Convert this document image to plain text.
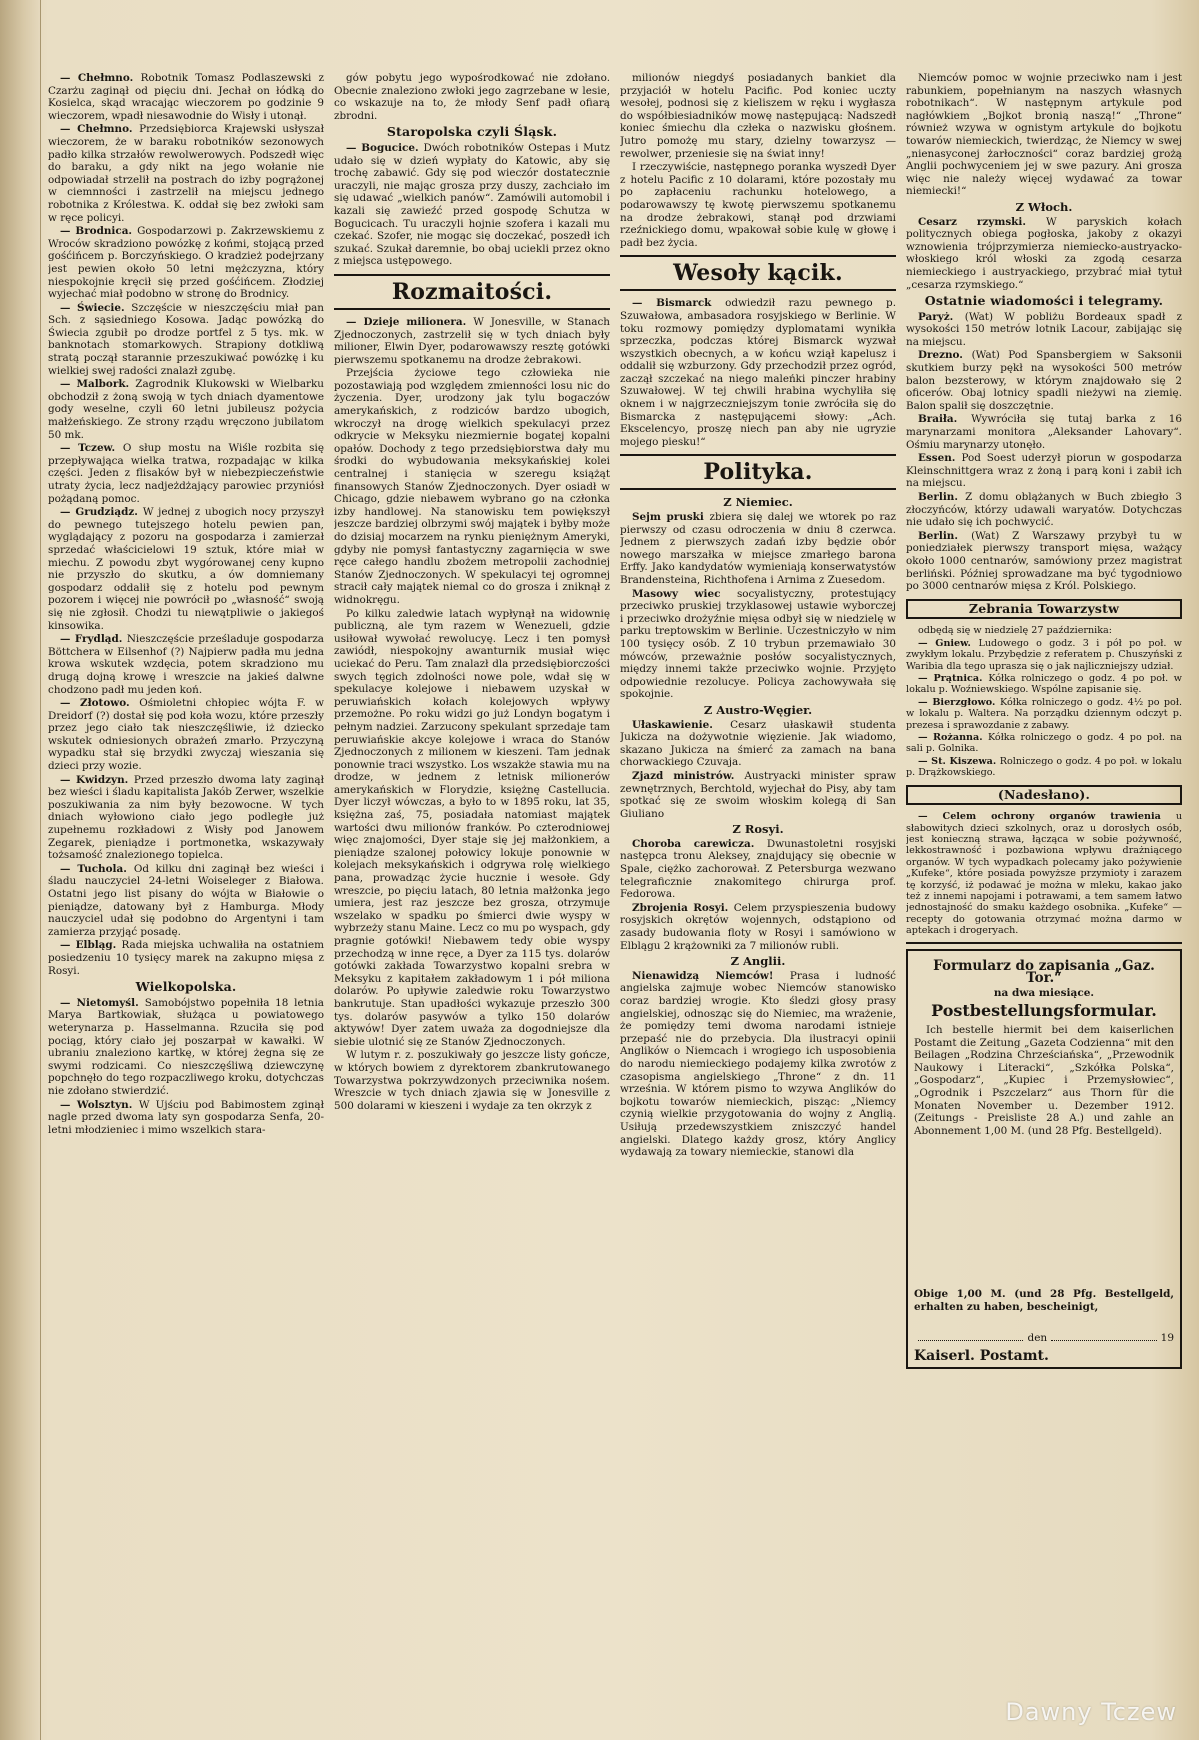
— Chełmno. Robotnik Tomasz Podlaszewski z Czarżu zaginął od pięciu dni. Jechał on łódką do Kosielca, skąd wracając wieczorem po godzinie 9 wieczorem, wpadł niesawodnie do Wisły i utonął.

— Chełmno. Przedsiębiorca Krajewski usłyszał wieczorem, że w baraku robotników sezonowych padło kilka strzałów rewolwerowych. Podszedł więc do baraku, a gdy nikt na jego wołanie nie odpowiadał strzelił na postrach do izby pogrążonej w ciemnności i zastrzelił na miejscu jednego robotnika z Królestwa. K. oddał się bez zwłoki sam w ręce policyi.

— Brodnica. Gospodarzowi p. Zakrzewskiemu z Wroców skradziono powózkę z końmi, stojącą przed gośćińcem p. Borczyńskiego. O kradzież podejrzany jest pewien około 50 letni mężczyzna, który niespokojnie kręcił się przed gośćińcem. Złodziej wyjechać miał podobno w stronę do Brodnicy.

— Świecie. Szczęście w nieszczęściu miał pan Sch. z sąsiedniego Kosowa. Jadąc powózką do Świecia zgubił po drodze portfel z 5 tys. mk. w banknotach stomarkowych. Strapiony dotkliwą stratą począł starannie przeszukiwać powózkę i ku wielkiej swej radości znalazł zgubę.

— Malbork. Zagrodnik Klukowski w Wielbarku obchodził z żoną swoją w tych dniach dyamentowe gody weselne, czyli 60 letni jubileusz pożycia małżeńskiego. Ze strony rządu wręczono jubilatom 50 mk.

— Tczew. O słup mostu na Wiśle rozbita się przepływająca wielka tratwa, rozpadając w kilka części. Jeden z flisaków był w niebezpieczeństwie utraty życia, lecz nadjeżdżający parowiec przyniósł pożądaną pomoc.

— Grudziądz. W jednej z ubogich nocy przyszył do pewnego tutejszego hotelu pewien pan, wyglądający z pozoru na gospodarza i zamierzał sprzedać właścicielowi 19 sztuk, które miał w miechu. Z powodu zbyt wygórowanej ceny kupno nie przyszło do skutku, a ów domniemany gospodarz oddalił się z hotelu pod pewnym pozorem i więcej nie powrócił po „własność“ swoją się nie zgłosił. Chodzi tu niewątpliwie o jakiegoś kinsowika.

— Frydląd. Nieszczęście prześladuje gospodarza Böttchera w Eilsenhof (?) Najpierw padła mu jedna krowa wskutek wzdęcia, potem skradziono mu drugą dojną krowę i wreszcie na jakieś dalwne chodzono padł mu jeden koń.

— Złotowo. Ośmioletni chłopiec wójta F. w Dreidorf (?) dostał się pod koła wozu, które przeszły przez jego ciało tak nieszczęśliwie, iż dziecko wskutek odniesionych obrażeń zmarło. Przyczyną wypadku stał się brzydki zwyczaj wieszania się dzieci przy wozie.

— Kwidzyn. Przed przeszło dwoma laty zaginął bez wieści i śladu kapitalista Jakób Zerwer, wszelkie poszukiwania za nim były bezowocne. W tych dniach wyłowiono ciało jego podległe już zupełnemu rozkładowi z Wisły pod Janowem Zegarek, pieniądze i portmonetka, wskazywały tożsamość znalezionego topielca.

— Tuchola. Od kilku dni zaginął bez wieści i śladu nauczyciel 24-letni Woiseleger z Białowa. Ostatni jego list pisany do wójta w Białowie o pieniądze, datowany był z Hamburga. Młody nauczyciel udał się podobno do Argentyni i tam zamierza przyjąć posadę.

— Elbląg. Rada miejska uchwaliła na ostatniem posiedzeniu 10 tysięcy marek na zakupno mięsa z Rosyi.

Wielkopolska.

— Nietomyśl. Samobójstwo popełniła 18 letnia Marya Bartkowiak, służąca u powiatowego weterynarza p. Hasselmanna. Rzuciła się pod pociąg, który ciało jej poszarpał w kawałki. W ubraniu znaleziono kartkę, w której żegna się ze swymi rodzicami. Co nieszczęśliwą dziewczynę popchnęło do tego rozpaczliwego kroku, dotychczas nie zdołano stwierdzić.

— Wolsztyn. W Ujściu pod Babimostem zginął nagle przed dwoma laty syn gospodarza Senfa, 20-letni młodzieniec i mimo wszelkich stara-

gów pobytu jego wypośrodkować nie zdołano. Obecnie znaleziono zwłoki jego zagrzebane w lesie, co wskazuje na to, że młody Senf padł ofiarą zbrodni.

Staropolska czyli Śląsk.

— Bogucice. Dwóch robotników Ostepas i Mutz udało się w dzień wypłaty do Katowic, aby się trochę zabawić. Gdy się pod wieczór dostatecznie uraczyli, nie mając grosza przy duszy, zachciało im się udawać „wielkich panów“. Zamówili automobil i kazali się zawieźć przed gospodę Schutza w Bogucicach. Tu uraczyli hojnie szofera i kazali mu czekać. Szofer, nie mogąc się doczekać, poszedł ich szukać. Szukał daremnie, bo obaj uciekli przez okno z miejsca ustępowego.

Rozmaitości.

— Dzieje milionera. W Jonesville, w Stanach Zjednoczonych, zastrzelił się w tych dniach były milioner, Elwin Dyer, podarowawszy resztę gotówki pierwszemu spotkanemu na drodze żebrakowi.

Przejścia życiowe tego człowieka nie pozostawiają pod względem zmienności losu nic do życzenia. Dyer, urodzony jak tylu bogaczów amerykańskich, z rodziców bardzo ubogich, wkroczył na drogę wielkich spekulacyi przez odkrycie w Meksyku niezmiernie bogatej kopalni opałów. Dochody z tego przedsiębiorstwa dały mu środki do wybudowania meksykańskiej kolei centralnej i stanięcia w szeregu książąt finansowych Stanów Zjednoczonych. Dyer osiadł w Chicago, gdzie niebawem wybrano go na członka izby handlowej. Na stanowisku tem powiększył jeszcze bardziej olbrzymi swój majątek i byłby może do dzisiaj mocarzem na rynku pieniężnym Ameryki, gdyby nie pomysł fantastyczny zagarnięcia w swe ręce całego handlu zbożem metropolii zachodniej Stanów Zjednoczonych. W spekulacyi tej ogromnej stracił cały majątek niemal co do grosza i zniknął z widnokręgu.

Po kilku zaledwie latach wypłynął na widownię publiczną, ale tym razem w Wenezueli, gdzie usiłował wywołać rewolucyę. Lecz i ten pomysł zawiódł, niespokojny awanturnik musiał więc uciekać do Peru. Tam znalazł dla przedsiębiorczości swych tęgich zdolności nowe pole, wdał się w spekulacye kolejowe i niebawem uzyskał w peruwiańskich kołach kolejowych wpływy przemożne. Po roku widzi go już Londyn bogatym i pełnym nadziei. Zarzucony spekulant sprzedaje tam peruwiańskie akcye kolejowe i wraca do Stanów Zjednoczonych z milionem w kieszeni. Tam jednak ponownie traci wszystko. Los wszakże stawia mu na drodze, w jednem z letnisk milionerów amerykańskich w Florydzie, księżnę Castellucia. Dyer liczył wówczas, a było to w 1895 roku, lat 35, księżna zaś, 75, posiadała natomiast majątek wartości dwu milionów franków. Po czterodniowej więc znajomości, Dyer staje się jej małżonkiem, a pieniądze szalonej połowicy lokuje ponownie w kolejach meksykańskich i odgrywa rolę wielkiego pana, prowadząc życie hucznie i wesołe. Gdy wreszcie, po pięciu latach, 80 letnia małżonka jego umiera, jest raz jeszcze bez grosza, otrzymuje wszelako w spadku po śmierci dwie wyspy w wybrzeży stanu Maine. Lecz co mu po wyspach, gdy pragnie gotówki! Niebawem tedy obie wyspy przechodzą w inne ręce, a Dyer za 115 tys. dolarów gotówki zakłada Towarzystwo kopalni srebra w Meksyku z kapitałem zakładowym 1 i pół miliona dolarów. Po upływie zaledwie roku Towarzystwo bankrutuje. Stan upadłości wykazuje przeszło 300 tys. dolarów pasywów a tylko 150 dolarów aktywów! Dyer zatem uważa za dogodniejsze dla siebie ulotnić się ze Stanów Zjednoczonych.

W lutym r. z. poszukiwały go jeszcze listy gończe, w których bowiem z dyrektorem zbankrutowanego Towarzystwa pokrzywdzonych przeciwnika nośem. Wreszcie w tych dniach zjawia się w Jonesville z 500 dolarami w kieszeni i wydaje za ten okrzyk z

milionów niegdyś posiadanych bankiet dla przyjaciół w hotelu Pacific. Pod koniec uczty wesołej, podnosi się z kieliszem w ręku i wygłasza do współbiesiadników mowę następującą: Nadszedł koniec śmiechu dla człeka o nazwisku głośnem. Jutro pomożę mu stary, dzielny towarzysz — rewolwer, przeniesie się na świat inny!

I rzeczywiście, następnego poranka wyszedł Dyer z hotelu Pacific z 10 dolarami, które pozostały mu po zapłaceniu rachunku hotelowego, a podarowawszy tę kwotę pierwszemu spotkanemu na drodze żebrakowi, stanął pod drzwiami rzeźnickiego domu, wpakował sobie kulę w głowę i padł bez życia.

Wesoły kącik.

— Bismarck odwiedził razu pewnego p. Szuwałowa, ambasadora rosyjskiego w Berlinie. W toku rozmowy pomiędzy dyplomatami wynikła sprzeczka, podczas której Bismarck wyzwał wszystkich obecnych, a w końcu wziął kapelusz i oddalił się wzburzony. Gdy przechodził przez ogród, zaczął szczekać na niego maleńki pinczer hrabiny Szuwałowej. W tej chwili hrabina wychyliła się oknem i w najgrzeczniejszym tonie zwróciła się do Bismarcka z następującemi słowy: „Ach. Ekscelencyo, proszę niech pan aby nie ugryzie mojego piesku!“

Polityka.
Z Niemiec.

Sejm pruski zbiera się dalej we wtorek po raz pierwszy od czasu odroczenia w dniu 8 czerwca. Jednem z pierwszych zadań izby będzie obór nowego marszałka w miejsce zmarłego barona Erffy. Jako kandydatów wymieniają konserwatystów Brandensteina, Richthofena i Arnima z Zuesedom.

Masowy wiec socyalistyczny, protestujący przeciwko pruskiej trzyklasowej ustawie wyborczej i przeciwko drożyźnie mięsa odbył się w niedzielę w parku treptowskim w Berlinie. Uczestniczyło w nim 100 tysięcy osób. Z 10 trybun przemawiało 30 mówców, przeważnie posłów socyalistycznych, między innemi także przeciwko wojnie. Przyjęto odpowiednie rezolucye. Policya zachowywała się spokojnie.

Z Austro-Węgier.

Ułaskawienie. Cesarz ułaskawił studenta Jukicza na dożywotnie więzienie. Jak wiadomo, skazano Jukicza na śmierć za zamach na bana chorwackiego Czuvaja.

Zjazd ministrów. Austryacki minister spraw zewnętrznych, Berchtold, wyjechał do Pisy, aby tam spotkać się ze swoim włoskim kolegą di San Giuliano

Z Rosyi.

Choroba carewicza. Dwunastoletni rosyjski następca tronu Aleksey, znajdujący się obecnie w Spale, ciężko zachorował. Z Petersburga wezwano telegraficznie znakomitego chirurga prof. Fedorowa.

Zbrojenia Rosyi. Celem przyspieszenia budowy rosyjskich okrętów wojennych, odstąpiono od zasady budowania floty w Rosyi i samówiono w Elblągu 2 krążowniki za 7 milionów rubli.

Z Anglii.

Nienawidzą Niemców! Prasa i ludność angielska zajmuje wobec Niemców stanowisko coraz bardziej wrogie. Kto śledzi głosy prasy angielskiej, odnosząc się do Niemiec, ma wrażenie, że pomiędzy temi dwoma narodami istnieje przepaść nie do przebycia. Dla ilustracyi opinii Anglików o Niemcach i wrogiego ich usposobienia do narodu niemieckiego podajemy kilka zwrotów z czasopisma angielskiego „Throne“ z dn. 11 września. W którem pismo to wzywa Anglików do bojkotu towarów niemieckich, pisząc: „Niemcy czynią wielkie przygotowania do wojny z Anglią. Usiłują przedewszystkiem zniszczyć handel angielski. Dlatego każdy grosz, który Anglicy wydawają za towary niemieckie, stanowi dla

Niemców pomoc w wojnie przeciwko nam i jest rabunkiem, popełnianym na naszych własnych robotnikach“. W następnym artykule pod nagłówkiem „Bojkot bronią naszą!“ „Throne“ również wzywa w ognistym artykule do bojkotu towarów niemieckich, twierdząc, że Niemcy w swej „nienasyconej żarłoczności“ coraz bardziej grożą Anglii pochwyceniem jej w swe pazury. Ani grosza więc nie należy więcej wydawać za towar niemiecki!“

Z Włoch.

Cesarz rzymski. W paryskich kołach politycznych obiega pogłoska, jakoby z okazyi wznowienia trójprzymierza niemiecko-austryacko-włoskiego król włoski za zgodą cesarza niemieckiego i austryackiego, przybrać miał tytuł „cesarza rzymskiego.“

Ostatnie wiadomości i telegramy.

Paryż. (Wat) W pobliżu Bordeaux spadł z wysokości 150 metrów lotnik Lacour, zabijając się na miejscu.

Drezno. (Wat) Pod Spansbergiem w Saksonii skutkiem burzy pękł na wysokości 500 metrów balon bezsterowy, w którym znajdowało się 2 oficerów. Obaj lotnicy spadli nieżywi na ziemię. Balon spalił się doszczętnie.

Braiła. Wywróciła się tutaj barka z 16 marynarzami monitora „Aleksander Lahovary“. Ośmiu marynarzy utonęło.

Essen. Pod Soest uderzył piorun w gospodarza Kleinschnittgera wraz z żoną i parą koni i zabił ich na miejscu.

Berlin. Z domu oblążanych w Buch zbiegło 3 złoczyńców, którzy udawali waryatów. Dotychczas nie udało się ich pochwycić.

Berlin. (Wat) Z Warszawy przybył tu w poniedziałek pierwszy transport mięsa, ważący około 1000 centnarów, samówiony przez magistrat berliński. Później sprowadzane ma być tygodniowo po 3000 centnarów mięsa z Król. Polskiego.

Zebrania Towarzystw

odbędą się w niedzielę 27 października:

— Gniew. Ludowego o godz. 3 i pół po poł. w zwykłym lokalu. Przybędzie z referatem p. Chuszyński z Waribia dla tego uprasza się o jak najliczniejszy udział.

— Prątnica. Kółka rolniczego o godz. 4 po poł. w lokalu p. Woźniewskiego. Wspólne zapisanie się.

— Bierzgłowo. Kółka rolniczego o godz. 4½ po poł. w lokalu p. Waltera. Na porządku dziennym odczyt p. prezesa i sprawozdanie z zabawy.

— Rożanna. Kółka rolniczego o godz. 4 po poł. na sali p. Golnika.

— St. Kiszewa. Rolniczego o godz. 4 po poł. w lokalu p. Drążkowskiego.

(Nadesłano).

— Celem ochrony organów trawienia u słabowitych dzieci szkolnych, oraz u dorosłych osób, jest konieczną strawa, łącząca w sobie pożywność, lekkostrawność i pozbawiona wpływu drażniącego organów. W tych wypadkach polecamy jako pożywienie „Kufeke“, które posiada powyższe przymioty i zarazem tę korzyść, iż podawać je można w mleku, kakao jako też z innemi napojami i potrawami, a tem samem łatwo jednostajność do smaku każdego osobnika. „Kufeke“ — recepty do gotowania otrzymać można darmo w aptekach i drogeryach.

Formularz do zapisania „Gaz. Tor.“
na dwa miesiące.
Postbestellungsformular.

Ich bestelle hiermit bei dem kaiserlichen Postamt die Zeitung „Gazeta Codzienna“ mit den Beilagen „Rodzina Chrześciańska“, „Przewodnik Naukowy i Literacki“, „Szkółka Polska“, „Gospodarz“, „Kupiec i Przemysłowiec“, „Ogrodnik i Pszczelarz“ aus Thorn für die Monaten November u. Dezember 1912. (Zeitungs - Preisliste 28 A.) und zahle an Abonnement 1,00 M. (und 28 Pfg. Bestellgeld).

Obige 1,00 M. (und 28 Pfg. Bestellgeld, erhalten zu haben, bescheinigt,

den	19
Kaiserl. Postamt.
Dawny Tczew
